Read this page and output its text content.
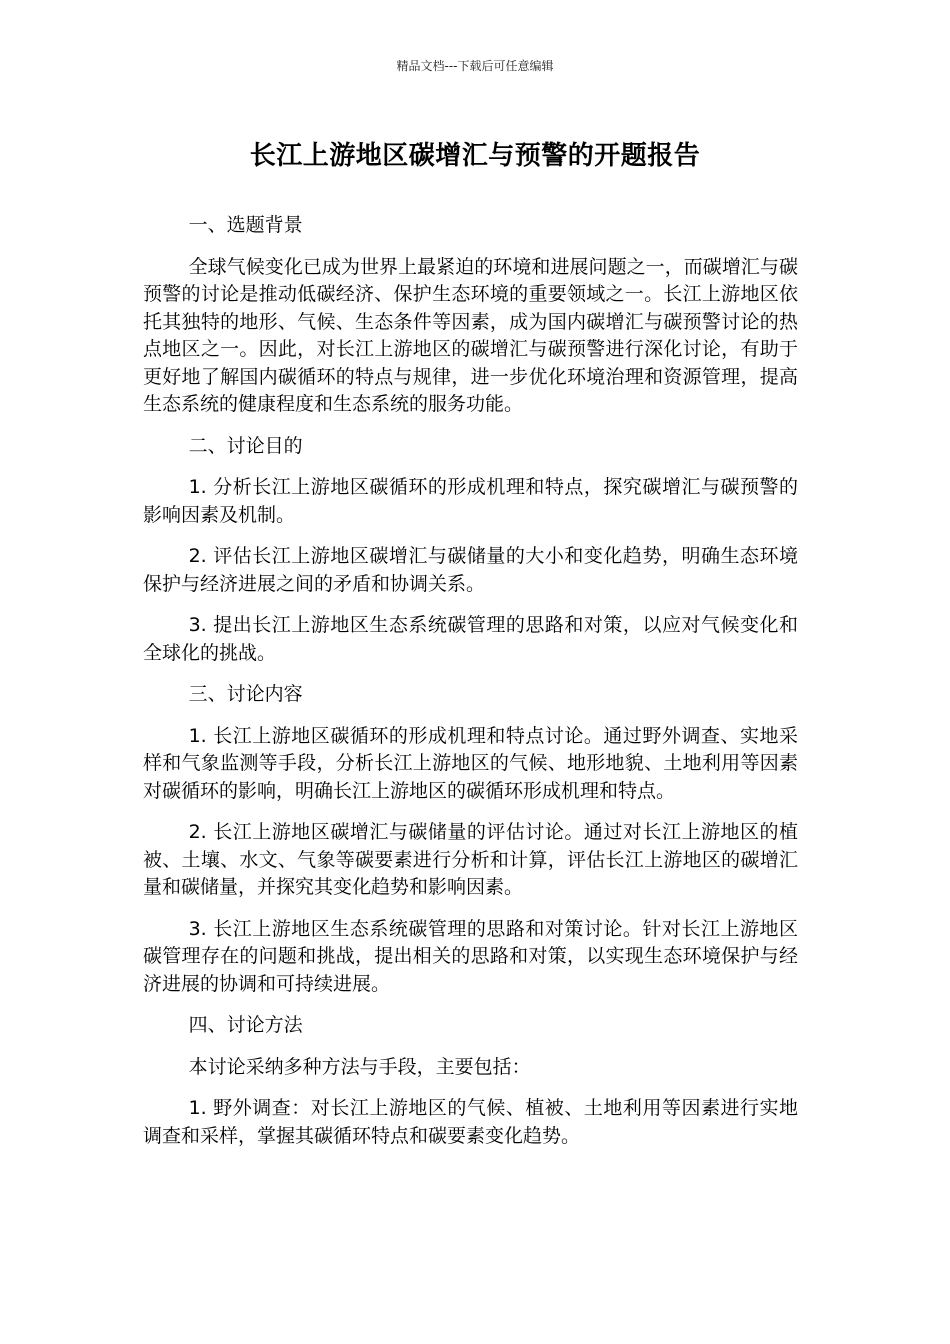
精品文档---下载后可任意编辑
长江上游地区碳增汇与预警的开题报告

一、选题背景

全球气候变化已成为世界上最紧迫的环境和进展问题之一，而碳增汇与碳预警的讨论是推动低碳经济、保护生态环境的重要领域之一。长江上游地区依托其独特的地形、气候、生态条件等因素，成为国内碳增汇与碳预警讨论的热点地区之一。因此，对长江上游地区的碳增汇与碳预警进行深化讨论，有助于更好地了解国内碳循环的特点与规律，进一步优化环境治理和资源管理，提高生态系统的健康程度和生态系统的服务功能。

二、讨论目的

1. 分析长江上游地区碳循环的形成机理和特点，探究碳增汇与碳预警的影响因素及机制。

2. 评估长江上游地区碳增汇与碳储量的大小和变化趋势，明确生态环境保护与经济进展之间的矛盾和协调关系。

3. 提出长江上游地区生态系统碳管理的思路和对策，以应对气候变化和全球化的挑战。

三、讨论内容

1. 长江上游地区碳循环的形成机理和特点讨论。通过野外调查、实地采样和气象监测等手段，分析长江上游地区的气候、地形地貌、土地利用等因素对碳循环的影响，明确长江上游地区的碳循环形成机理和特点。

2. 长江上游地区碳增汇与碳储量的评估讨论。通过对长江上游地区的植被、土壤、水文、气象等碳要素进行分析和计算，评估长江上游地区的碳增汇量和碳储量，并探究其变化趋势和影响因素。

3. 长江上游地区生态系统碳管理的思路和对策讨论。针对长江上游地区碳管理存在的问题和挑战，提出相关的思路和对策，以实现生态环境保护与经济进展的协调和可持续进展。

四、讨论方法

本讨论采纳多种方法与手段，主要包括：

1. 野外调查：对长江上游地区的气候、植被、土地利用等因素进行实地调查和采样，掌握其碳循环特点和碳要素变化趋势。
